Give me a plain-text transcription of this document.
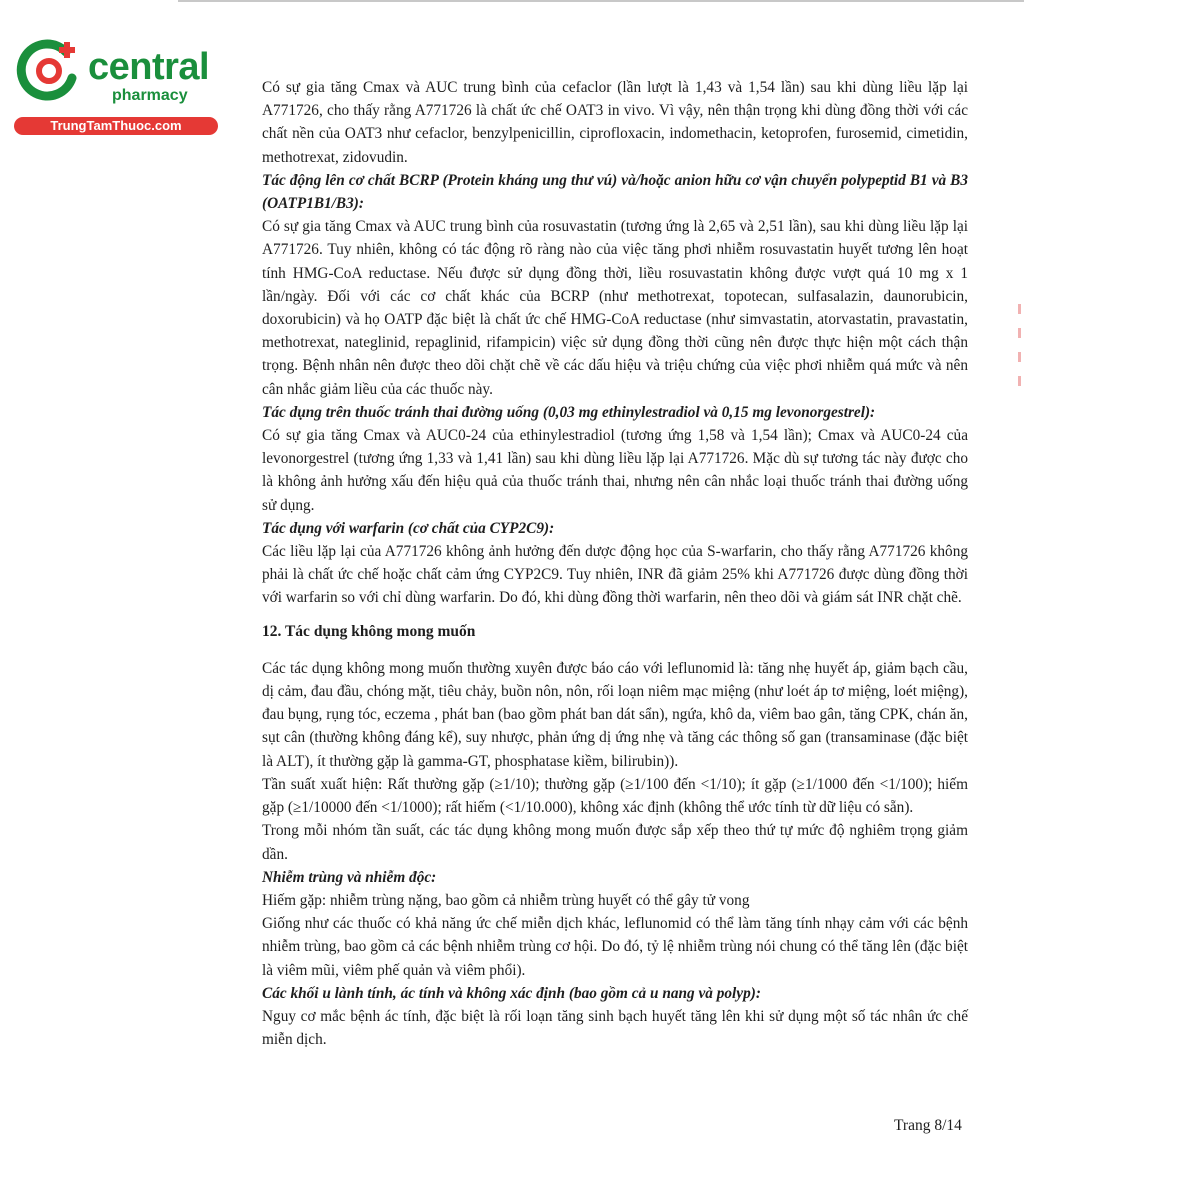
central
pharmacy
TrungTamThuoc.com

Có sự gia tăng Cmax và AUC trung bình của cefaclor (lần lượt là 1,43 và 1,54 lần) sau khi dùng liều lặp lại A771726, cho thấy rằng A771726 là chất ức chế OAT3 in vivo. Vì vậy, nên thận trọng khi dùng đồng thời với các chất nền của OAT3 như cefaclor, benzylpenicillin, ciprofloxacin, indomethacin, ketoprofen, furosemid, cimetidin, methotrexat, zidovudin.

Tác động lên cơ chất BCRP (Protein kháng ung thư vú) và/hoặc anion hữu cơ vận chuyển polypeptid B1 và B3 (OATP1B1/B3):

Có sự gia tăng Cmax và AUC trung bình của rosuvastatin (tương ứng là 2,65 và 2,51 lần), sau khi dùng liều lặp lại A771726. Tuy nhiên, không có tác động rõ ràng nào của việc tăng phơi nhiễm rosuvastatin huyết tương lên hoạt tính HMG-CoA reductase. Nếu được sử dụng đồng thời, liều rosuvastatin không được vượt quá 10 mg x 1 lần/ngày. Đối với các cơ chất khác của BCRP (như methotrexat, topotecan, sulfasalazin, daunorubicin, doxorubicin) và họ OATP đặc biệt là chất ức chế HMG-CoA reductase (như simvastatin, atorvastatin, pravastatin, methotrexat, nateglinid, repaglinid, rifampicin) việc sử dụng đồng thời cũng nên được thực hiện một cách thận trọng. Bệnh nhân nên được theo dõi chặt chẽ về các dấu hiệu và triệu chứng của việc phơi nhiễm quá mức và nên cân nhắc giảm liều của các thuốc này.

Tác dụng trên thuốc tránh thai đường uống (0,03 mg ethinylestradiol và 0,15 mg levonorgestrel):

Có sự gia tăng Cmax và AUC0-24 của ethinylestradiol (tương ứng 1,58 và 1,54 lần); Cmax và AUC0-24 của levonorgestrel (tương ứng 1,33 và 1,41 lần) sau khi dùng liều lặp lại A771726. Mặc dù sự tương tác này được cho là không ảnh hưởng xấu đến hiệu quả của thuốc tránh thai, nhưng nên cân nhắc loại thuốc tránh thai đường uống sử dụng.

Tác dụng với warfarin (cơ chất của CYP2C9):

Các liều lặp lại của A771726 không ảnh hưởng đến dược động học của S-warfarin, cho thấy rằng A771726 không phải là chất ức chế hoặc chất cảm ứng CYP2C9. Tuy nhiên, INR đã giảm 25% khi A771726 được dùng đồng thời với warfarin so với chỉ dùng warfarin. Do đó, khi dùng đồng thời warfarin, nên theo dõi và giám sát INR chặt chẽ.

12. Tác dụng không mong muốn

Các tác dụng không mong muốn thường xuyên được báo cáo với leflunomid là: tăng nhẹ huyết áp, giảm bạch cầu, dị cảm, đau đầu, chóng mặt, tiêu chảy, buồn nôn, nôn, rối loạn niêm mạc miệng (như loét áp tơ miệng, loét miệng), đau bụng, rụng tóc, eczema , phát ban (bao gồm phát ban dát sẩn), ngứa, khô da, viêm bao gân, tăng CPK, chán ăn, sụt cân (thường không đáng kể), suy nhược, phản ứng dị ứng nhẹ và tăng các thông số gan (transaminase (đặc biệt là ALT), ít thường gặp là gamma-GT, phosphatase kiềm, bilirubin)).

Tần suất xuất hiện: Rất thường gặp (≥1/10); thường gặp (≥1/100 đến <1/10); ít gặp (≥1/1000 đến <1/100); hiếm gặp (≥1/10000 đến <1/1000); rất hiếm (<1/10.000), không xác định (không thể ước tính từ dữ liệu có sẵn).

Trong mỗi nhóm tần suất, các tác dụng không mong muốn được sắp xếp theo thứ tự mức độ nghiêm trọng giảm dần.

Nhiễm trùng và nhiễm độc:

Hiếm gặp: nhiễm trùng nặng, bao gồm cả nhiễm trùng huyết có thể gây tử vong

Giống như các thuốc có khả năng ức chế miễn dịch khác, leflunomid có thể làm tăng tính nhạy cảm với các bệnh nhiễm trùng, bao gồm cả các bệnh nhiễm trùng cơ hội. Do đó, tỷ lệ nhiễm trùng nói chung có thể tăng lên (đặc biệt là viêm mũi, viêm phế quản và viêm phổi).

Các khối u lành tính, ác tính và không xác định (bao gồm cả u nang và polyp):

Nguy cơ mắc bệnh ác tính, đặc biệt là rối loạn tăng sinh bạch huyết tăng lên khi sử dụng một số tác nhân ức chế miễn dịch.

Trang 8/14
